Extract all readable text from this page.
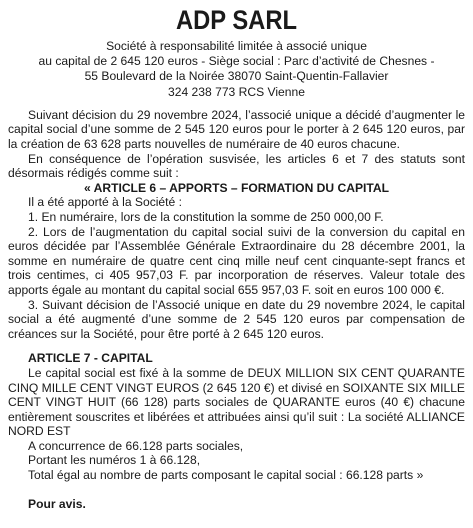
ADP SARL
Société à responsabilité limitée à associé unique
au capital de 2 645 120 euros - Siège social : Parc d’activité de Chesnes -
55 Boulevard de la Noirée 38070 Saint-Quentin-Fallavier
324 238 773 RCS Vienne

Suivant décision du 29 novembre 2024, l’associé unique a décidé d’augmenter le capital social d’une somme de 2 545 120 euros pour le porter à 2 645 120 euros, par la création de 63 628 parts nouvelles de numéraire de 40 euros chacune.

En conséquence de l’opération susvisée, les articles 6 et 7 des statuts sont désormais rédigés comme suit :

« ARTICLE 6 – APPORTS – FORMATION DU CAPITAL

Il a été apporté à la Société :

1. En numéraire, lors de la constitution la somme de 250 000,00 F.

2. Lors de l’augmentation du capital social suivi de la conversion du capital en euros décidée par l’Assemblée Générale Extraordinaire du 28 décembre 2001, la somme en numéraire de quatre cent cinq mille neuf cent cinquante-sept francs et trois centimes, ci 405 957,03 F. par incorporation de réserves. Valeur totale des apports égale au montant du capital social 655 957,03 F. soit en euros 100 000 €.

3. Suivant décision de l’Associé unique en date du 29 novembre 2024, le capital social a été augmenté d’une somme de 2 545 120 euros par compensation de créances sur la Société, pour être porté à 2 645 120 euros.

ARTICLE 7 - CAPITAL

Le capital social est fixé à la somme de DEUX MILLION SIX CENT QUARANTE CINQ MILLE CENT VINGT EUROS (2 645 120 €) et divisé en SOIXANTE SIX MILLE CENT VINGT HUIT (66 128) parts sociales de QUARANTE euros (40 €) chacune entièrement souscrites et libérées et attribuées ainsi qu’il suit : La société ALLIANCE NORD EST

A concurrence de 66.128 parts sociales,

Portant les numéros 1 à 66.128,

Total égal au nombre de parts composant le capital social : 66.128 parts »

Pour avis.
